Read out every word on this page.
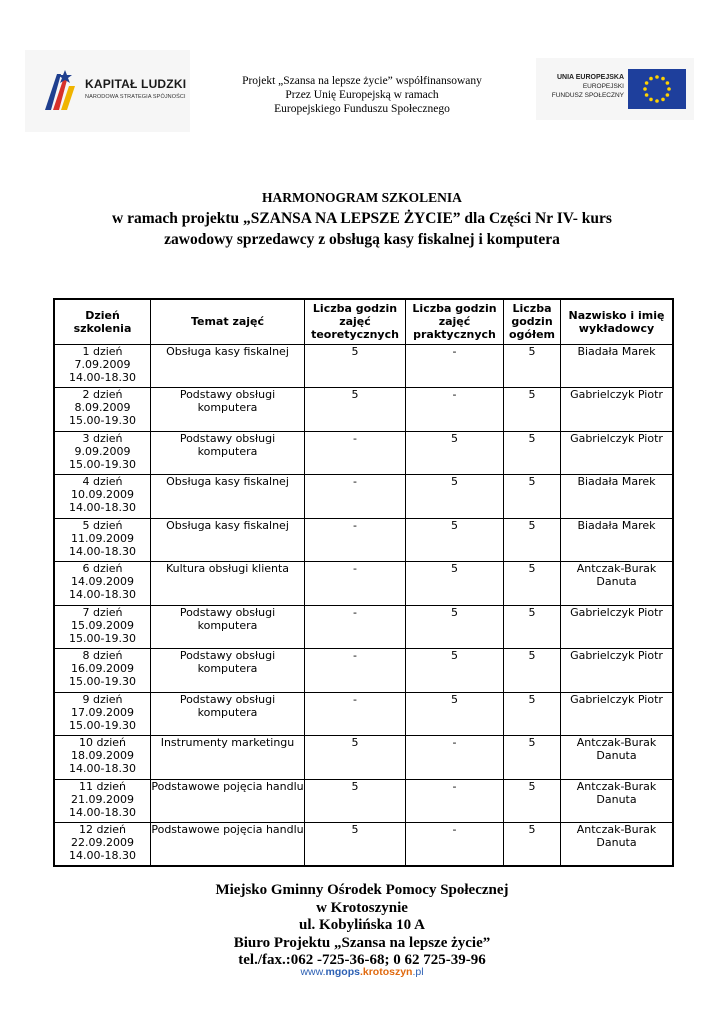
KAPITAŁ LUDZKI
NARODOWA STRATEGIA SPÓJNOŚCI
Projekt „Szansa na lepsze życie” współfinansowany
Przez Unię Europejską w ramach
Europejskiego Funduszu Społecznego
UNIA EUROPEJSKA
EUROPEJSKI
FUNDUSZ SPOŁECZNY
HARMONOGRAM SZKOLENIA
w ramach projektu „SZANSA NA LEPSZE ŻYCIE” dla Części Nr IV- kurs
zawodowy sprzedawcy z obsługą kasy fiskalnej i komputera
Dzień szkolenia	Temat zajęć	Liczba godzin zajęć teoretycznych	Liczba godzin zajęć praktycznych	Liczba godzin ogółem	Nazwisko i imię wykładowcy

1 dzień
7.09.2009
14.00-18.30	Obsługa kasy fiskalnej	5	-	5	Biadała Marek

2 dzień
8.09.2009
15.00-19.30	Podstawy obsługi komputera	5	-	5	Gabrielczyk Piotr

3 dzień
9.09.2009
15.00-19.30	Podstawy obsługi komputera	-	5	5	Gabrielczyk Piotr

4 dzień
10.09.2009
14.00-18.30	Obsługa kasy fiskalnej	-	5	5	Biadała Marek

5 dzień
11.09.2009
14.00-18.30	Obsługa kasy fiskalnej	-	5	5	Biadała Marek

6 dzień
14.09.2009
14.00-18.30	Kultura obsługi klienta	-	5	5	Antczak-Burak Danuta

7 dzień
15.09.2009
15.00-19.30	Podstawy obsługi komputera	-	5	5	Gabrielczyk Piotr

8 dzień
16.09.2009
15.00-19.30	Podstawy obsługi komputera	-	5	5	Gabrielczyk Piotr

9 dzień
17.09.2009
15.00-19.30	Podstawy obsługi komputera	-	5	5	Gabrielczyk Piotr

10 dzień
18.09.2009
14.00-18.30	Instrumenty marketingu	5	-	5	Antczak-Burak Danuta

11 dzień
21.09.2009
14.00-18.30	Podstawowe pojęcia handlu	5	-	5	Antczak-Burak Danuta

12 dzień
22.09.2009
14.00-18.30	Podstawowe pojęcia handlu	5	-	5	Antczak-Burak Danuta
Miejsko Gminny Ośrodek Pomocy Społecznej
w Krotoszynie
ul. Kobylińska 10 A
Biuro Projektu „Szansa na lepsze życie”
tel./fax.:062 -725-36-68; 0 62 725-39-96
www.mgops.krotoszyn.pl
